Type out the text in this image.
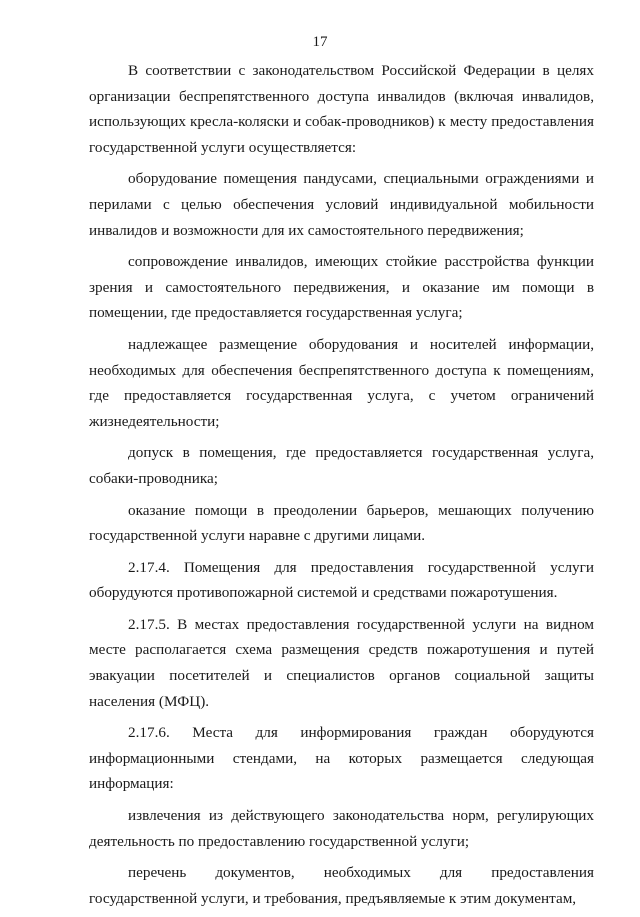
17

В соответствии с законодательством Российской Федерации в целях организации беспрепятственного доступа инвалидов (включая инвалидов, использующих кресла-коляски и собак-проводников) к месту предоставления государственной услуги осуществляется:

оборудование помещения пандусами, специальными ограждениями и перилами с целью обеспечения условий индивидуальной мобильности инвалидов и возможности для их самостоятельного передвижения;

сопровождение инвалидов, имеющих стойкие расстройства функции зрения и самостоятельного передвижения, и оказание им помощи в помещении, где предоставляется государственная услуга;

надлежащее размещение оборудования и носителей информации, необходимых для обеспечения беспрепятственного доступа к помещениям, где предоставляется государственная услуга, с учетом ограничений жизнедеятельности;

допуск в помещения, где предоставляется государственная услуга, собаки-проводника;

оказание помощи в преодолении барьеров, мешающих получению государственной услуги наравне с другими лицами.

2.17.4. Помещения для предоставления государственной услуги оборудуются противопожарной системой и средствами пожаротушения.

2.17.5. В местах предоставления государственной услуги на видном месте располагается схема размещения средств пожаротушения и путей эвакуации посетителей и специалистов органов социальной защиты населения (МФЦ).

2.17.6. Места для информирования граждан оборудуются информационными стендами, на которых размещается следующая информация:

извлечения из действующего законодательства норм, регулирующих деятельность по предоставлению государственной услуги;

перечень документов, необходимых для предоставления государственной услуги, и требования, предъявляемые к этим документам,
